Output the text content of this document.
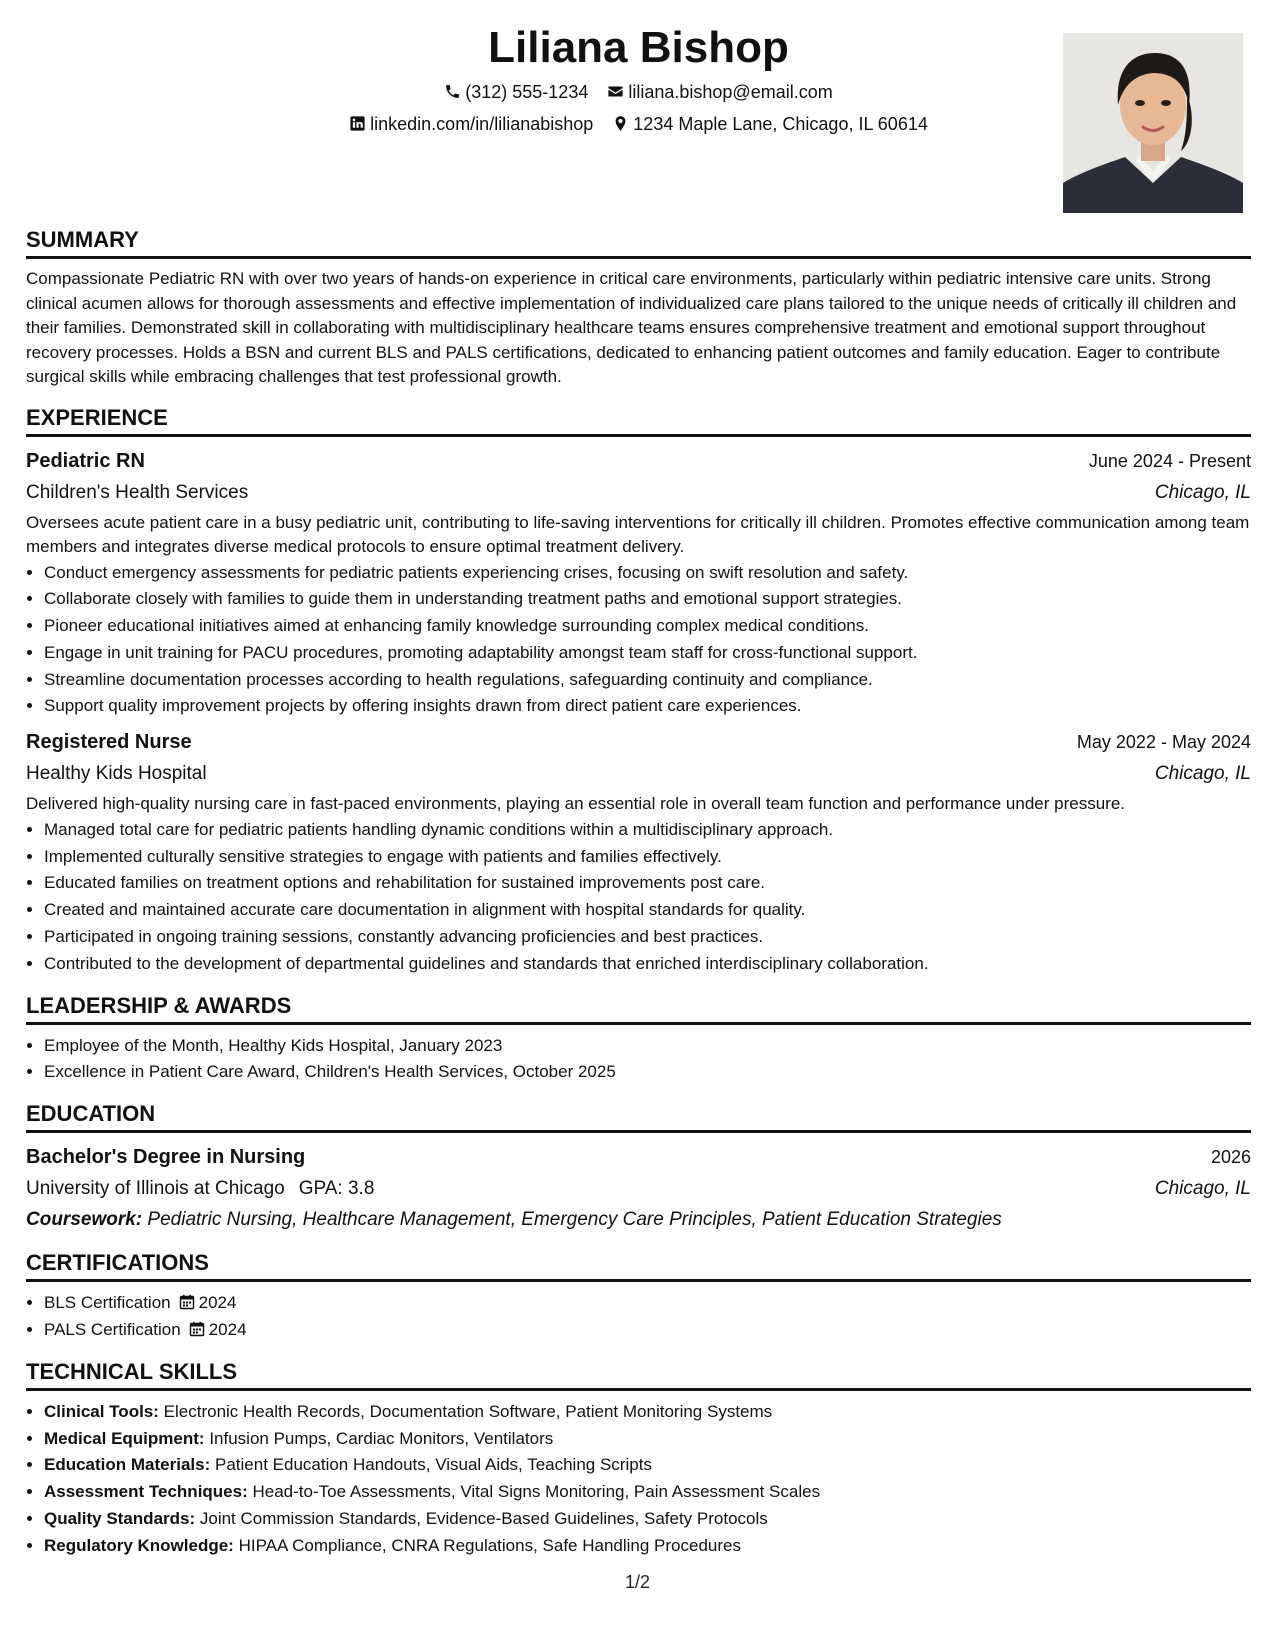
Liliana Bishop
(312) 555-1234 liliana.bishop@email.com
linkedin.com/in/lilianabishop 1234 Maple Lane, Chicago, IL 60614
SUMMARY

Compassionate Pediatric RN with over two years of hands-on experience in critical care environments, particularly within pediatric intensive care units. Strong clinical acumen allows for thorough assessments and effective implementation of individualized care plans tailored to the unique needs of critically ill children and their families. Demonstrated skill in collaborating with multidisciplinary healthcare teams ensures comprehensive treatment and emotional support throughout recovery processes. Holds a BSN and current BLS and PALS certifications, dedicated to enhancing patient outcomes and family education. Eager to contribute surgical skills while embracing challenges that test professional growth.

EXPERIENCE
Pediatric RN	June 2024 - Present
Children's Health Services	Chicago, IL

Oversees acute patient care in a busy pediatric unit, contributing to life-saving interventions for critically ill children. Promotes effective communication among team members and integrates diverse medical protocols to ensure optimal treatment delivery.

• Conduct emergency assessments for pediatric patients experiencing crises, focusing on swift resolution and safety.
• Collaborate closely with families to guide them in understanding treatment paths and emotional support strategies.
• Pioneer educational initiatives aimed at enhancing family knowledge surrounding complex medical conditions.
• Engage in unit training for PACU procedures, promoting adaptability amongst team staff for cross-functional support.
• Streamline documentation processes according to health regulations, safeguarding continuity and compliance.
• Support quality improvement projects by offering insights drawn from direct patient care experiences.
Registered Nurse	May 2022 - May 2024
Healthy Kids Hospital	Chicago, IL

Delivered high-quality nursing care in fast-paced environments, playing an essential role in overall team function and performance under pressure.

• Managed total care for pediatric patients handling dynamic conditions within a multidisciplinary approach.
• Implemented culturally sensitive strategies to engage with patients and families effectively.
• Educated families on treatment options and rehabilitation for sustained improvements post care.
• Created and maintained accurate care documentation in alignment with hospital standards for quality.
• Participated in ongoing training sessions, constantly advancing proficiencies and best practices.
• Contributed to the development of departmental guidelines and standards that enriched interdisciplinary collaboration.
LEADERSHIP & AWARDS
• Employee of the Month, Healthy Kids Hospital, January 2023
• Excellence in Patient Care Award, Children's Health Services, October 2025
EDUCATION
Bachelor's Degree in Nursing	2026
University of Illinois at Chicago GPA: 3.8	Chicago, IL
Coursework: Pediatric Nursing, Healthcare Management, Emergency Care Principles, Patient Education Strategies
CERTIFICATIONS
• BLS Certification 2024
• PALS Certification 2024
TECHNICAL SKILLS
• Clinical Tools: Electronic Health Records, Documentation Software, Patient Monitoring Systems
• Medical Equipment: Infusion Pumps, Cardiac Monitors, Ventilators
• Education Materials: Patient Education Handouts, Visual Aids, Teaching Scripts
• Assessment Techniques: Head-to-Toe Assessments, Vital Signs Monitoring, Pain Assessment Scales
• Quality Standards: Joint Commission Standards, Evidence-Based Guidelines, Safety Protocols
• Regulatory Knowledge: HIPAA Compliance, CNRA Regulations, Safe Handling Procedures
1/2
